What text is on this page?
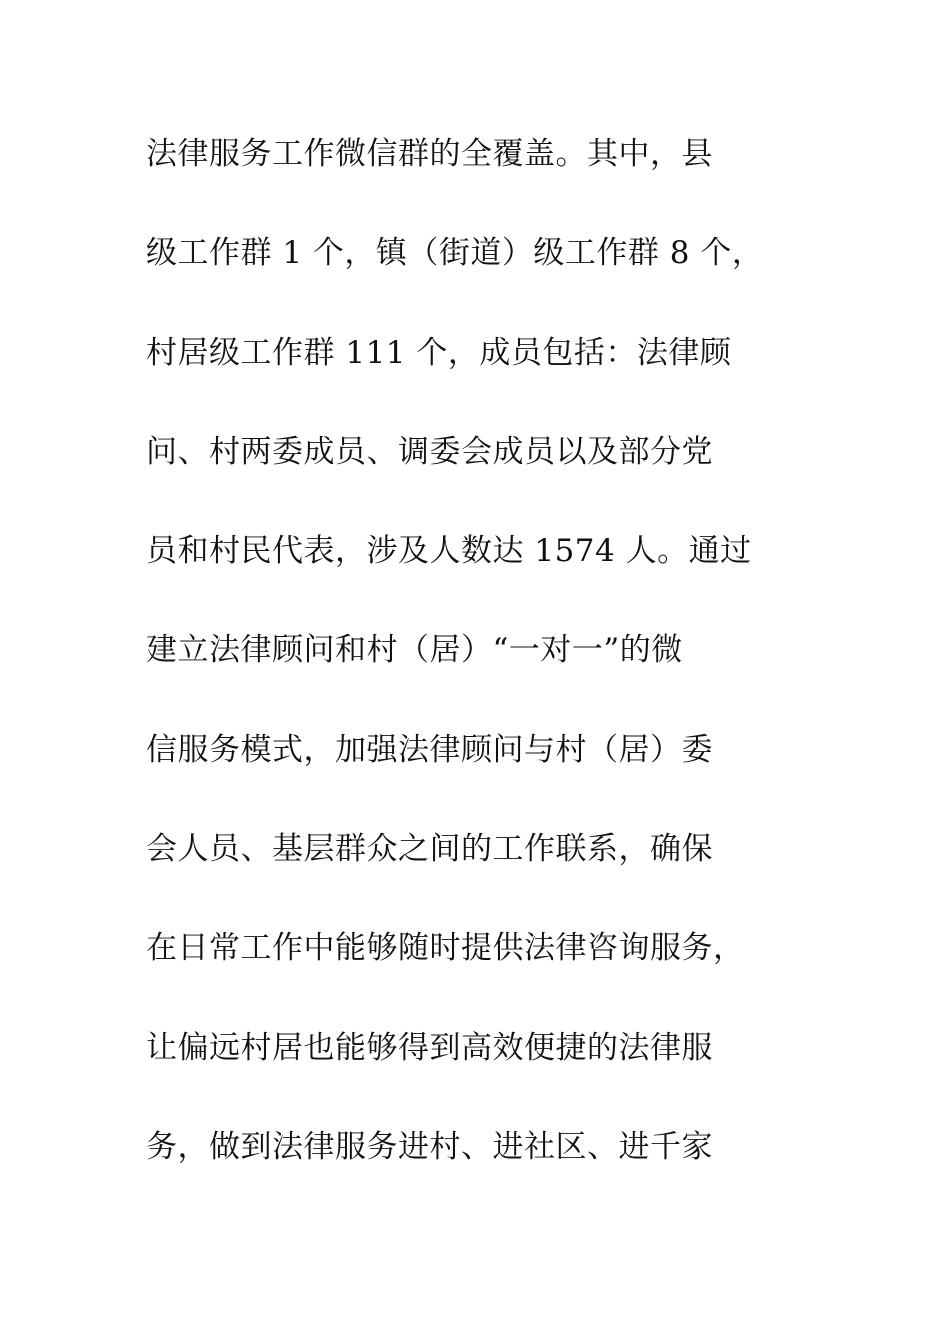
法律服务工作微信群的全覆盖。其中，县
级工作群 1 个，镇（街道）级工作群 8 个，
村居级工作群 111 个，成员包括：法律顾
问、村两委成员、调委会成员以及部分党
员和村民代表，涉及人数达 1574 人。通过
建立法律顾问和村（居）“一对一”的微
信服务模式，加强法律顾问与村（居）委
会人员、基层群众之间的工作联系，确保
在日常工作中能够随时提供法律咨询服务，
让偏远村居也能够得到高效便捷的法律服
务，做到法律服务进村、进社区、进千家
